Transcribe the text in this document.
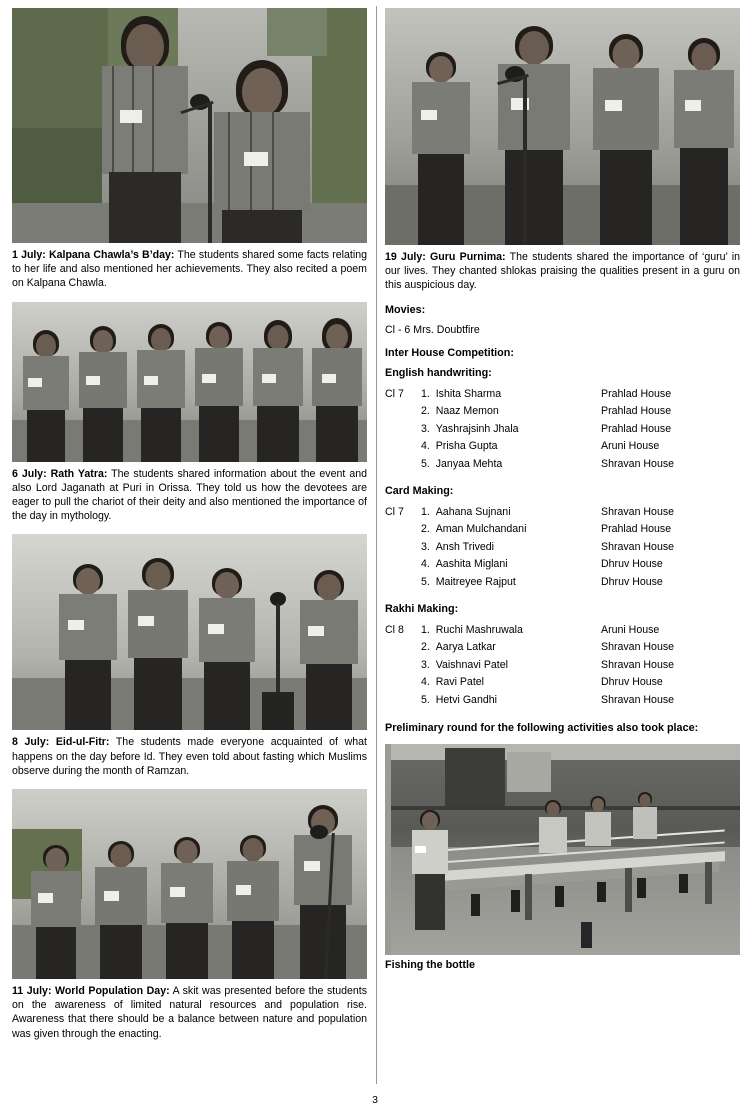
1 July: Kalpana Chawla’s B’day: The students shared some facts relating to her life and also mentioned her achievements. They also recited a poem on Kalpana Chawla.

6 July: Rath Yatra: The students shared information about the event and also Lord Jaganath at Puri in Orissa. They told us how the devotees are eager to pull the chariot of their deity and also mentioned the importance of the day in mythology.

8 July: Eid-ul-Fitr: The students made everyone acquainted of what happens on the day before Id. They even told about fasting which Muslims observe during the month of Ramzan.

11 July: World Population Day: A skit was presented before the students on the awareness of limited natural resources and population rise. Awareness that there should be a balance between nature and population was given through the enacting.

19 July: Guru Purnima: The students shared the importance of ‘guru’ in our lives. They chanted shlokas praising the qualities present in a guru on this auspicious day.

Movies:

Cl - 6 Mrs. Doubtfire

Inter House Competition:

English handwriting:

Cl 7	1. Ishita Sharma	Prahlad House
2. Naaz Memon	Prahlad House
3. Yashrajsinh Jhala	Prahlad House
4. Prisha Gupta	Aruni House
5. Janyaa Mehta	Shravan House

Card Making:

Cl 7	1. Aahana Sujnani	Shravan House
2. Aman Mulchandani	Prahlad House
3. Ansh Trivedi	Shravan House
4. Aashita Miglani	Dhruv House
5. Maitreyee Rajput	Dhruv House

Rakhi Making:

Cl 8	1. Ruchi Mashruwala	Aruni House
2. Aarya Latkar	Shravan House
3. Vaishnavi Patel	Shravan House
4. Ravi Patel	Dhruv House
5. Hetvi Gandhi	Shravan House

Preliminary round for the following activities also took place:

Fishing the bottle

3
